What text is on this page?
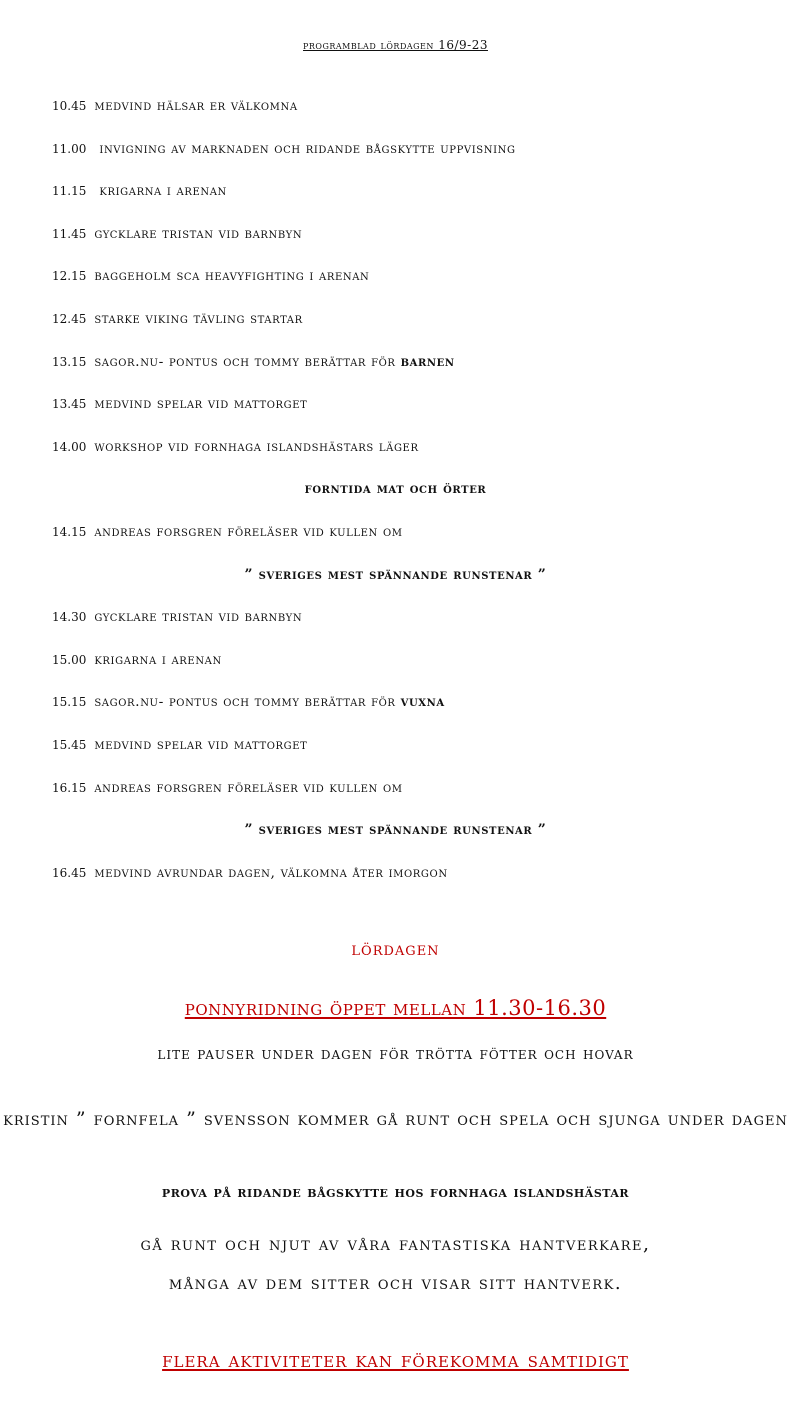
programblad lördagen 16/9-23
10.45 medvind hälsar er välkomna
11.00 invigning av marknaden och ridande bågskytte uppvisning
11.15 krigarna i arenan
11.45 gycklare tristan vid barnbyn
12.15 baggeholm sca heavyfighting i arenan
12.45 starke viking tävling startar
13.15 sagor.nu- pontus och tommy berättar för barnen
13.45 medvind spelar vid mattorget
14.00 workshop vid fornhaga islandshästars läger
forntida mat och örter
14.15 andreas forsgren föreläser vid kullen om
” sveriges mest spännande runstenar ”
14.30 gycklare tristan vid barnbyn
15.00 krigarna i arenan
15.15 sagor.nu- pontus och tommy berättar för vuxna
15.45 medvind spelar vid mattorget
16.15 andreas forsgren föreläser vid kullen om
” sveriges mest spännande runstenar ”
16.45 medvind avrundar dagen, välkomna åter imorgon
lördagen
ponnyridning öppet mellan 11.30-16.30
lite pauser under dagen för trötta fötter och hovar
kristin ” fornfela ” svensson kommer gå runt och spela och sjunga under dagen
prova på ridande bågskytte hos fornhaga islandshästar
gå runt och njut av våra fantastiska hantverkare,
många av dem sitter och visar sitt hantverk.
flera aktiviteter kan förekomma samtidigt
